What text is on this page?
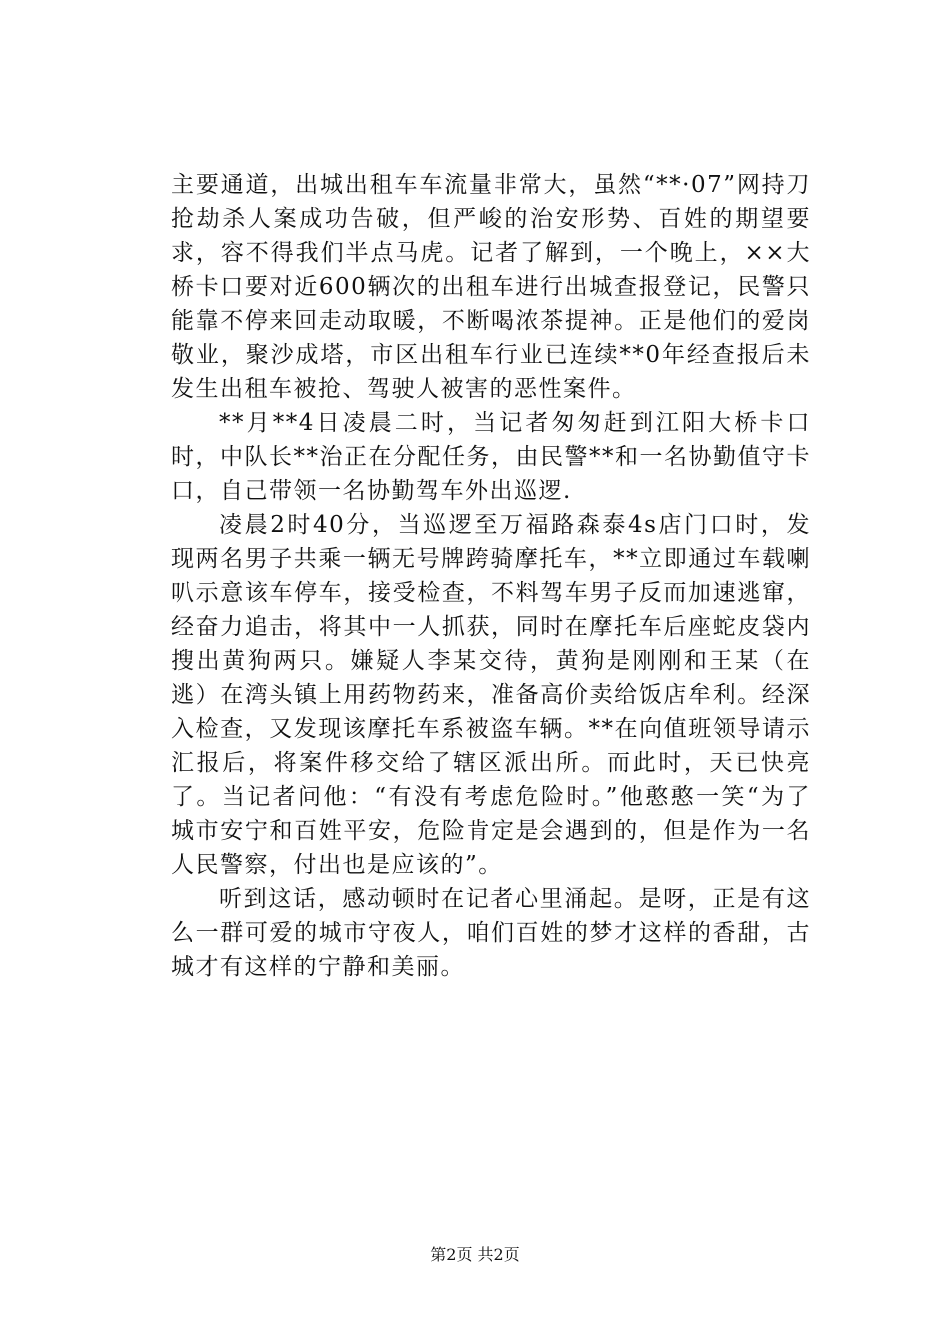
主要通道，出城出租车车流量非常大，虽然“**·07”网持刀抢劫杀人案成功告破，但严峻的治安形势、百姓的期望要求，容不得我们半点马虎。记者了解到，一个晚上，××大桥卡口要对近600辆次的出租车进行出城查报登记，民警只能靠不停来回走动取暖，不断喝浓茶提神。正是他们的爱岗敬业，聚沙成塔，市区出租车行业已连续**0年经查报后未发生出租车被抢、驾驶人被害的恶性案件。

**月**4日凌晨二时，当记者匆匆赶到江阳大桥卡口时，中队长**治正在分配任务，由民警**和一名协勤值守卡口，自己带领一名协勤驾车外出巡逻.

凌晨2时40分，当巡逻至万福路森泰4s店门口时，发现两名男子共乘一辆无号牌跨骑摩托车，**立即通过车载喇叭示意该车停车，接受检查，不料驾车男子反而加速逃窜，经奋力追击，将其中一人抓获，同时在摩托车后座蛇皮袋内搜出黄狗两只。嫌疑人李某交待，黄狗是刚刚和王某（在逃）在湾头镇上用药物药来，准备高价卖给饭店牟利。经深入检查，又发现该摩托车系被盗车辆。**在向值班领导请示汇报后，将案件移交给了辖区派出所。而此时，天已快亮了。当记者问他：“有没有考虑危险时。”他憨憨一笑“为了城市安宁和百姓平安，危险肯定是会遇到的，但是作为一名人民警察，付出也是应该的”。

听到这话，感动顿时在记者心里涌起。是呀，正是有这么一群可爱的城市守夜人，咱们百姓的梦才这样的香甜，古城才有这样的宁静和美丽。

第2页 共2页
